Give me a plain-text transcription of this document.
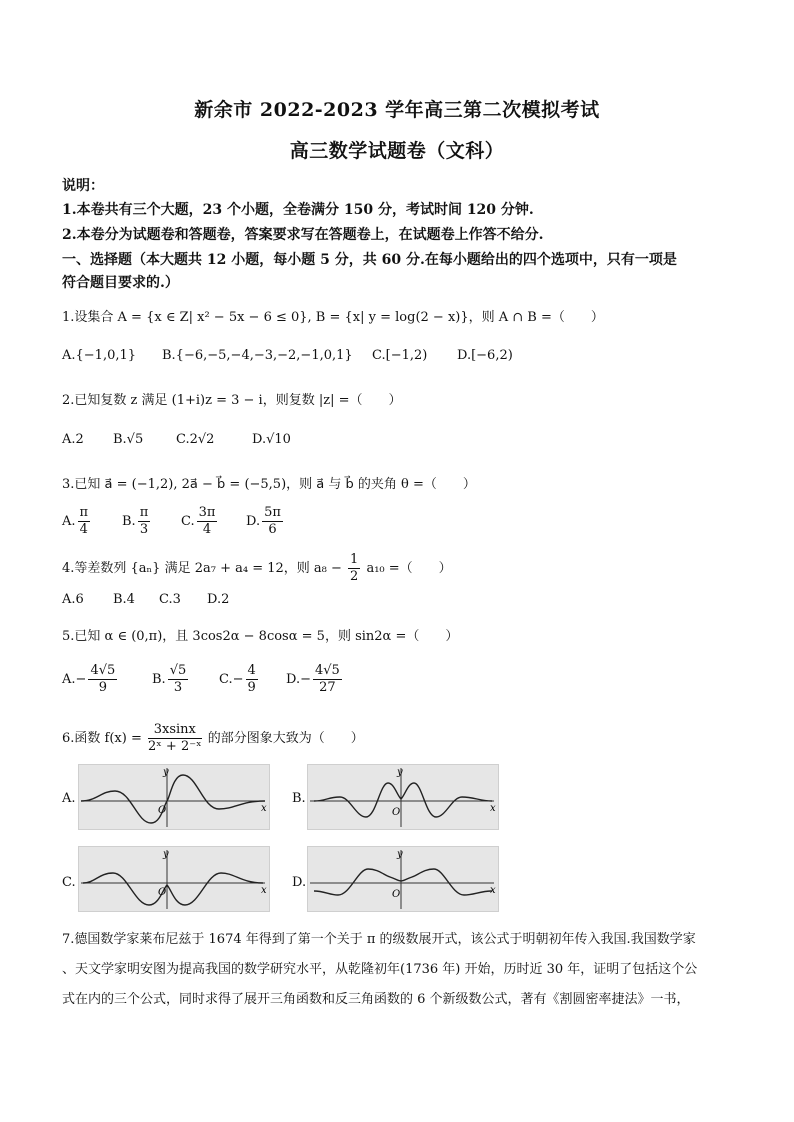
新余市 2022-2023 学年高三第二次模拟考试
高三数学试题卷（文科）
说明：
1.本卷共有三个大题，23 个小题，全卷满分 150 分，考试时间 120 分钟.
2.本卷分为试题卷和答题卷，答案要求写在答题卷上，在试题卷上作答不给分.
一、选择题（本大题共 12 小题，每小题 5 分，共 60 分.在每小题给出的四个选项中，只有一项是
符合题目要求的.）
1.设集合 A = {x ∈ Z| x² − 5x − 6 ≤ 0}, B = {x| y = log(2 − x)}，则 A ∩ B =（　　）
A.{−1,0,1} B.{−6,−5,−4,−3,−2,−1,0,1} C.[−1,2) D.[−6,2)
2.已知复数 z 满足 (1+i)z = 3 − i，则复数 |z| =（　　）
A.2 B.√5	C.2√2	D.√10
3.已知 a⃗ = (−1,2), 2a⃗ − b⃗ = (−5,5)，则 a⃗ 与 b⃗ 的夹角 θ =（　　）
A. $\frac{\pi}{4} B$. $\frac{\pi}{3} C$. $\frac{3\pi}{4} D$. $\frac{5\pi}{6}$
4.等差数列 {aₙ} 满足 2a₇ + a₄ = 12，则 $a_8 - \frac{1}{2} a_{10}$ =（　　）
A.6 B.4 C.3 D.2
5.已知 α ∈ (0,π)，且 3cos2α − 8cosα = 5，则 sin2α =（　　）
$A.- \frac{4√5}{9}$	B. $\frac{√5}{3} C.- \frac{4}{9} D.- \frac{4√5}{27}$
6.函数 $f(x) = \frac{3xsinx}{\text{2ˣ + 2⁻ˣ}}$ 的部分图象大致为（　　）
A.
y
x
O
B.
y
x
O
C.
y
x
O
D.
y
x
O
7.德国数学家莱布尼兹于 1674 年得到了第一个关于 π 的级数展开式，该公式于明朝初年传入我国.我国数学家
、天文学家明安图为提高我国的数学研究水平，从乾隆初年(1736 年) 开始，历时近 30 年，证明了包括这个公
式在内的三个公式，同时求得了展开三角函数和反三角函数的 6 个新级数公式，著有《割圆密率捷法》一书，
